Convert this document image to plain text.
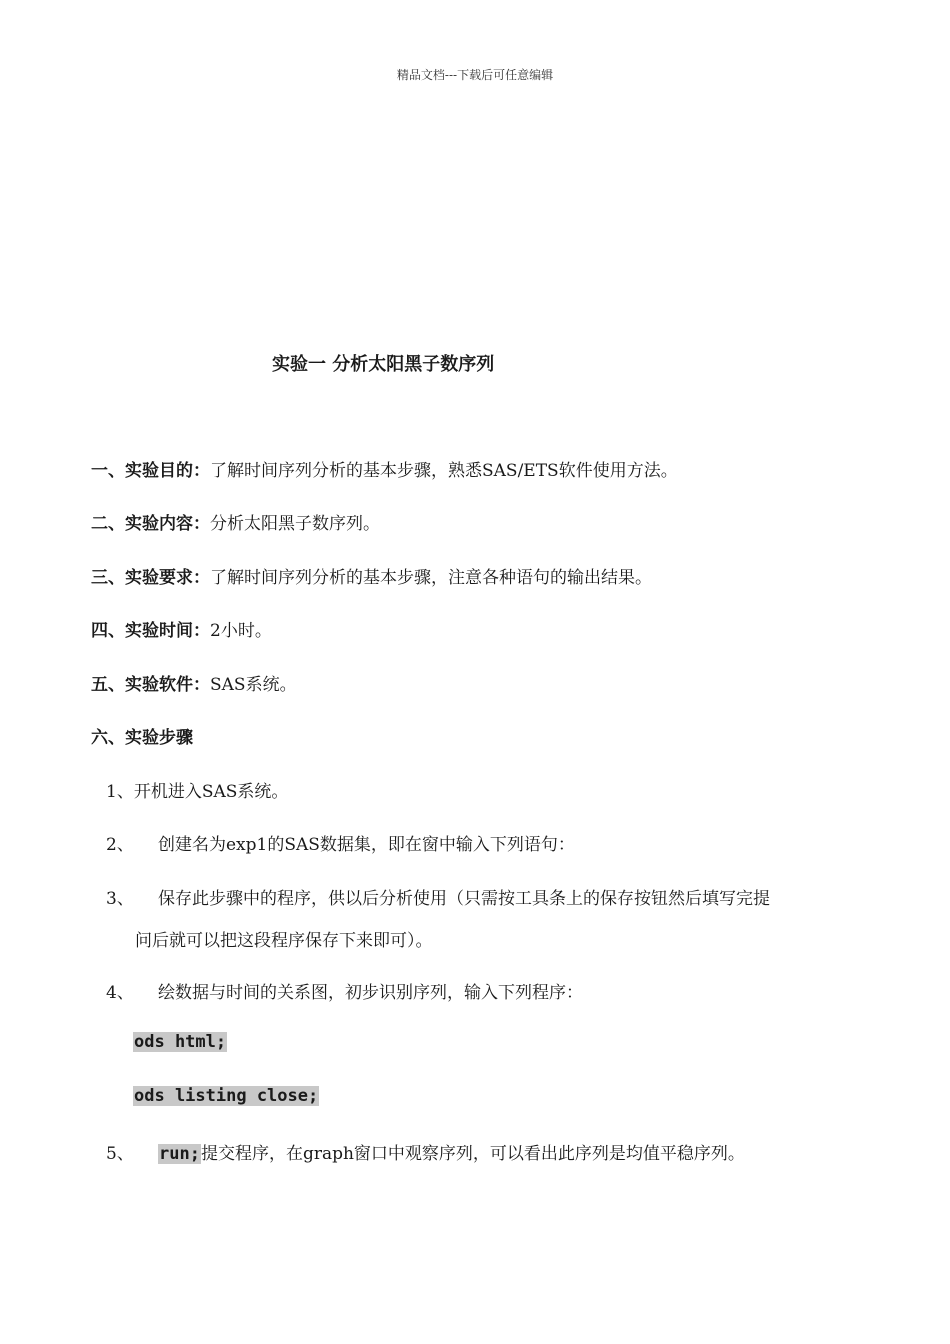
精品文档---下载后可任意编辑
实验一 分析太阳黑子数序列
一、实验目的：了解时间序列分析的基本步骤，熟悉SAS/ETS软件使用方法。
二、实验内容：分析太阳黑子数序列。
三、实验要求：了解时间序列分析的基本步骤，注意各种语句的输出结果。
四、实验时间：2小时。
五、实验软件：SAS系统。
六、实验步骤
1、开机进入SAS系统。
2、 创建名为exp1的SAS数据集，即在窗中输入下列语句：
3、 保存此步骤中的程序，供以后分析使用（只需按工具条上的保存按钮然后填写完提
问后就可以把这段程序保存下来即可）。
4、 绘数据与时间的关系图，初步识别序列，输入下列程序：
ods html;
ods listing close;
5、 run;提交程序，在graph窗口中观察序列，可以看出此序列是均值平稳序列。
